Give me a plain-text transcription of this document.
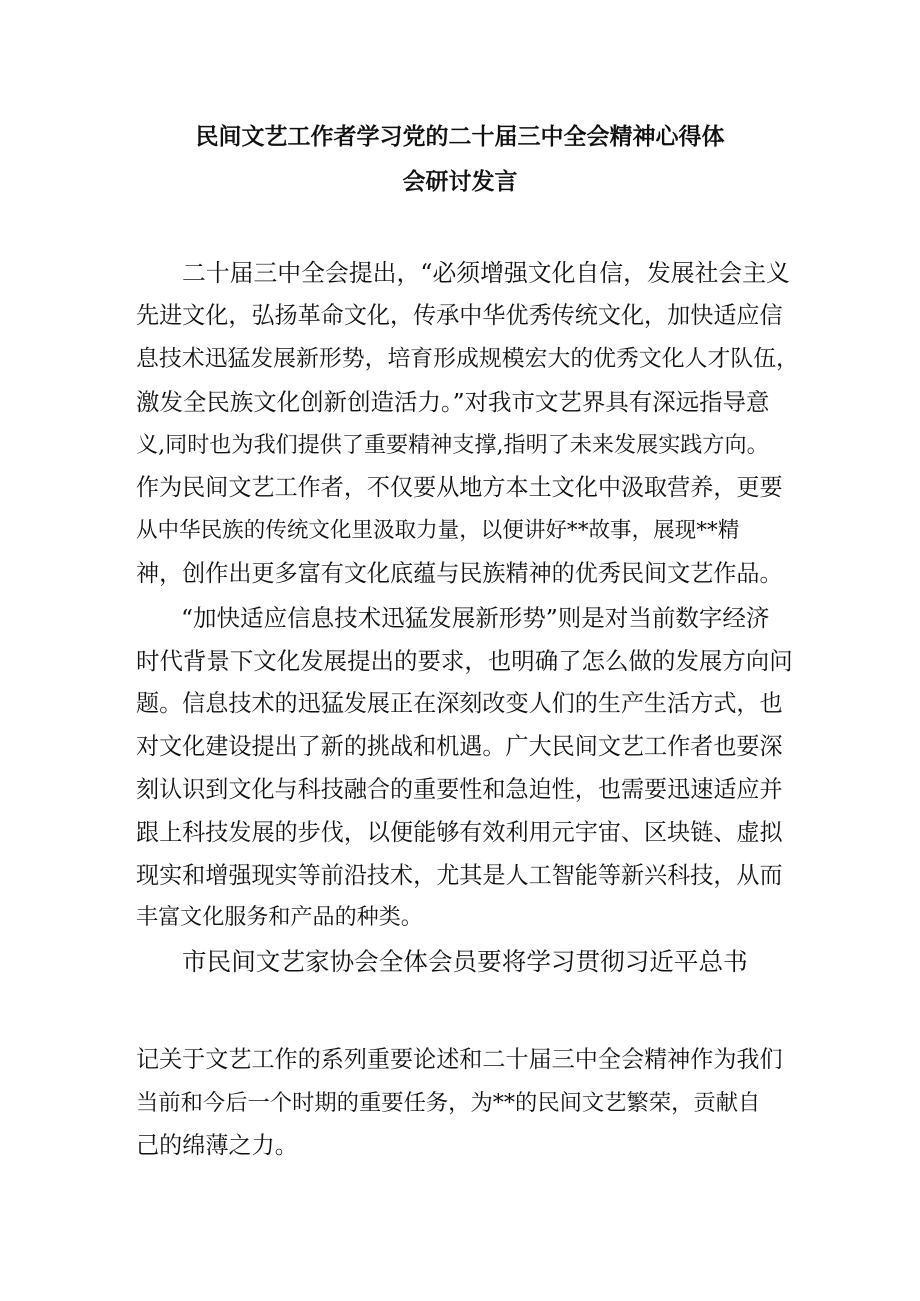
民间文艺工作者学习党的二十届三中全会精神心得体
会研讨发言
二十届三中全会提出，“必须增强文化自信，发展社会主义
先进文化，弘扬革命文化，传承中华优秀传统文化，加快适应信
息技术迅猛发展新形势，培育形成规模宏大的优秀文化人才队伍，
激发全民族文化创新创造活力。”对我市文艺界具有深远指导意
义,同时也为我们提供了重要精神支撑,指明了未来发展实践方向。
作为民间文艺工作者，不仅要从地方本土文化中汲取营养，更要
从中华民族的传统文化里汲取力量，以便讲好**故事，展现**精
神，创作出更多富有文化底蕴与民族精神的优秀民间文艺作品。
“加快适应信息技术迅猛发展新形势”则是对当前数字经济
时代背景下文化发展提出的要求，也明确了怎么做的发展方向问
题。信息技术的迅猛发展正在深刻改变人们的生产生活方式，也
对文化建设提出了新的挑战和机遇。广大民间文艺工作者也要深
刻认识到文化与科技融合的重要性和急迫性，也需要迅速适应并
跟上科技发展的步伐，以便能够有效利用元宇宙、区块链、虚拟
现实和增强现实等前沿技术，尤其是人工智能等新兴科技，从而
丰富文化服务和产品的种类。
市民间文艺家协会全体会员要将学习贯彻习近平总书
记关于文艺工作的系列重要论述和二十届三中全会精神作为我们
当前和今后一个时期的重要任务，为**的民间文艺繁荣，贡献自
己的绵薄之力。
